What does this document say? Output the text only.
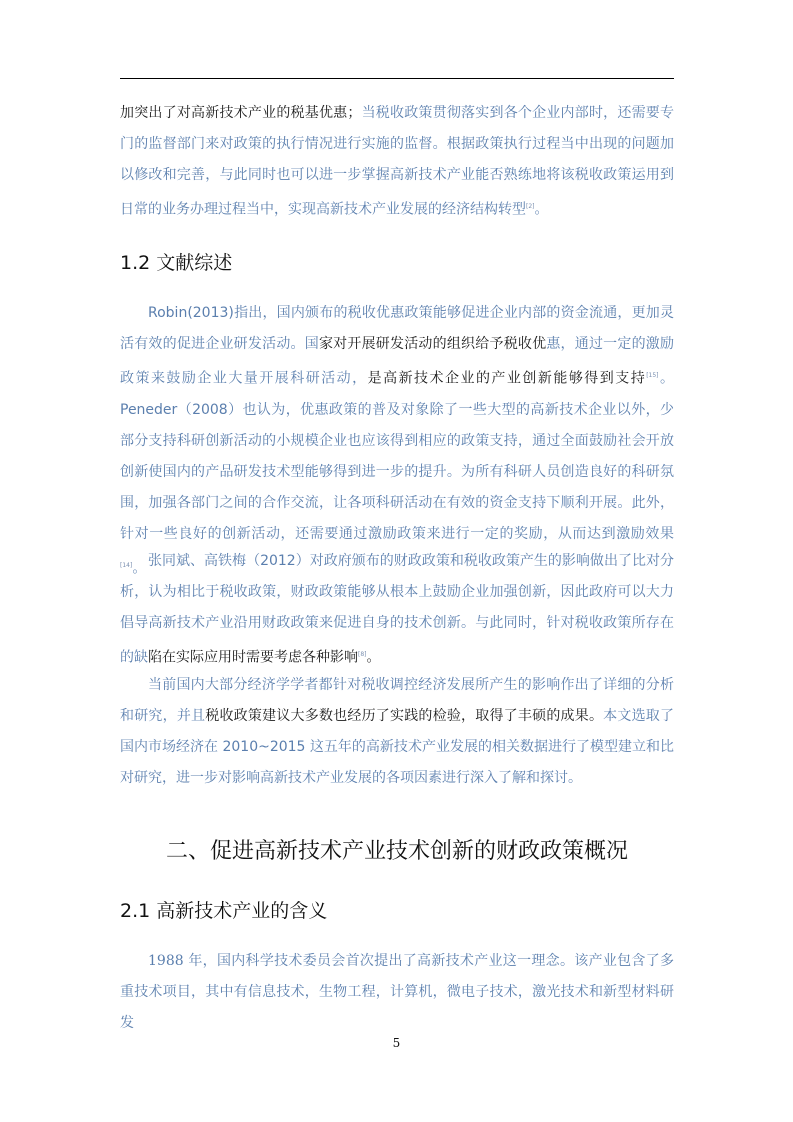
加突出了对高新技术产业的税基优惠；当税收政策贯彻落实到各个企业内部时，还需要专门的监督部门来对政策的执行情况进行实施的监督。根据政策执行过程当中出现的问题加以修改和完善，与此同时也可以进一步掌握高新技术产业能否熟练地将该税收政策运用到日常的业务办理过程当中，实现高新技术产业发展的经济结构转型[2]。

1.2 文献综述

Robin(2013)指出，国内颁布的税收优惠政策能够促进企业内部的资金流通，更加灵活有效的促进企业研发活动。国家对开展研发活动的组织给予税收优惠，通过一定的激励政策来鼓励企业大量开展科研活动，是高新技术企业的产业创新能够得到支持[15]。Peneder（2008）也认为，优惠政策的普及对象除了一些大型的高新技术企业以外，少部分支持科研创新活动的小规模企业也应该得到相应的政策支持，通过全面鼓励社会开放创新使国内的产品研发技术型能够得到进一步的提升。为所有科研人员创造良好的科研氛围，加强各部门之间的合作交流，让各项科研活动在有效的资金支持下顺利开展。此外，针对一些良好的创新活动，还需要通过激励政策来进行一定的奖励，从而达到激励效果[14]。 张同斌、高铁梅（2012）对政府颁布的财政政策和税收政策产生的影响做出了比对分析，认为相比于税收政策，财政政策能够从根本上鼓励企业加强创新，因此政府可以大力倡导高新技术产业沿用财政政策来促进自身的技术创新。与此同时，针对税收政策所存在的缺陷在实际应用时需要考虑各种影响[8]。

当前国内大部分经济学学者都针对税收调控经济发展所产生的影响作出了详细的分析和研究，并且税收政策建议大多数也经历了实践的检验，取得了丰硕的成果。本文选取了国内市场经济在 2010~2015 这五年的高新技术产业发展的相关数据进行了模型建立和比对研究，进一步对影响高新技术产业发展的各项因素进行深入了解和探讨。

二、促进高新技术产业技术创新的财政政策概况
2.1 高新技术产业的含义

1988 年，国内科学技术委员会首次提出了高新技术产业这一理念。该产业包含了多重技术项目，其中有信息技术，生物工程，计算机，微电子技术，激光技术和新型材料研发

5
